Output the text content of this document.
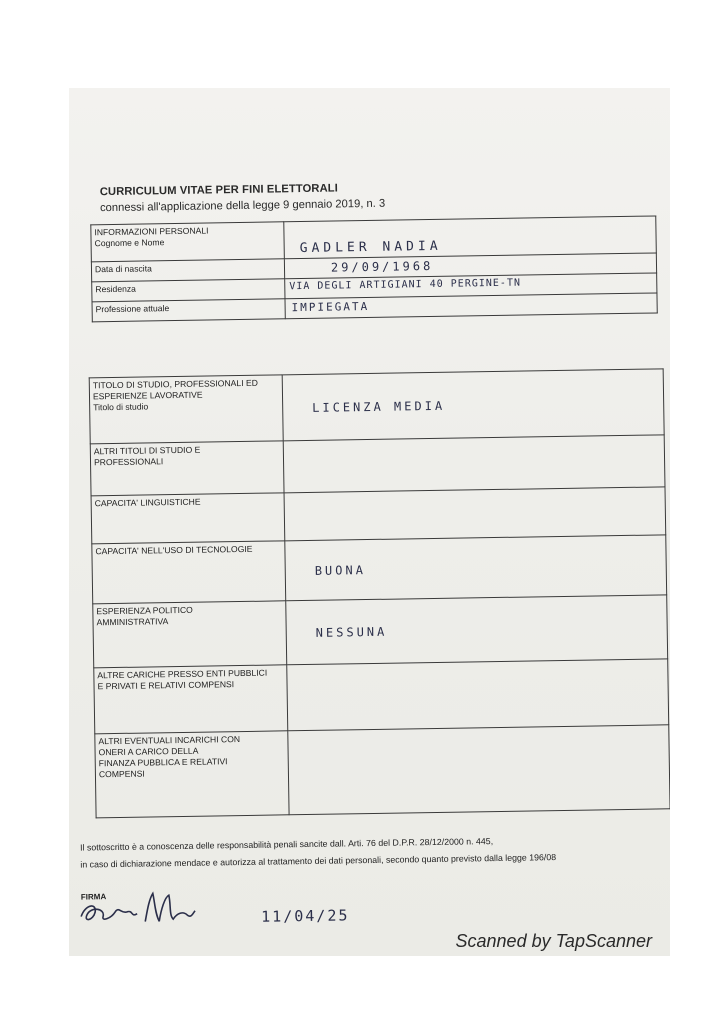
CURRICULUM VITAE PER FINI ELETTORALI
connessi all'applicazione della legge 9 gennaio 2019, n. 3
INFORMAZIONI PERSONALI
Cognome e Nome	GADLER NADIA
Data di nascita	29/09/1968
Residenza	VIA DEGLI ARTIGIANI 40 PERGINE-TN
Professione attuale	IMPIEGATA
TITOLO DI STUDIO, PROFESSIONALI ED
ESPERIENZE LAVORATIVE
Titolo di studio	LICENZA MEDIA

ALTRI TITOLI DI STUDIO E
PROFESSIONALI	

CAPACITA' LINGUISTICHE	

CAPACITA' NELL'USO DI TECNOLOGIE	BUONA

ESPERIENZA POLITICO
AMMINISTRATIVA	NESSUNA

ALTRE CARICHE PRESSO ENTI PUBBLICI
E PRIVATI E RELATIVI COMPENSI	

ALTRI EVENTUALI INCARICHI CON
ONERI A CARICO DELLA
FINANZA PUBBLICA E RELATIVI
COMPENSI	

Il sottoscritto è a conoscenza delle responsabilità penali sancite dall. Arti. 76 del D.P.R. 28/12/2000 n. 445,
in caso di dichiarazione mendace e autorizza al trattamento dei dati personali, secondo quanto previsto dalla legge 196/08
FIRMA
11/04/25
Scanned by TapScanner
